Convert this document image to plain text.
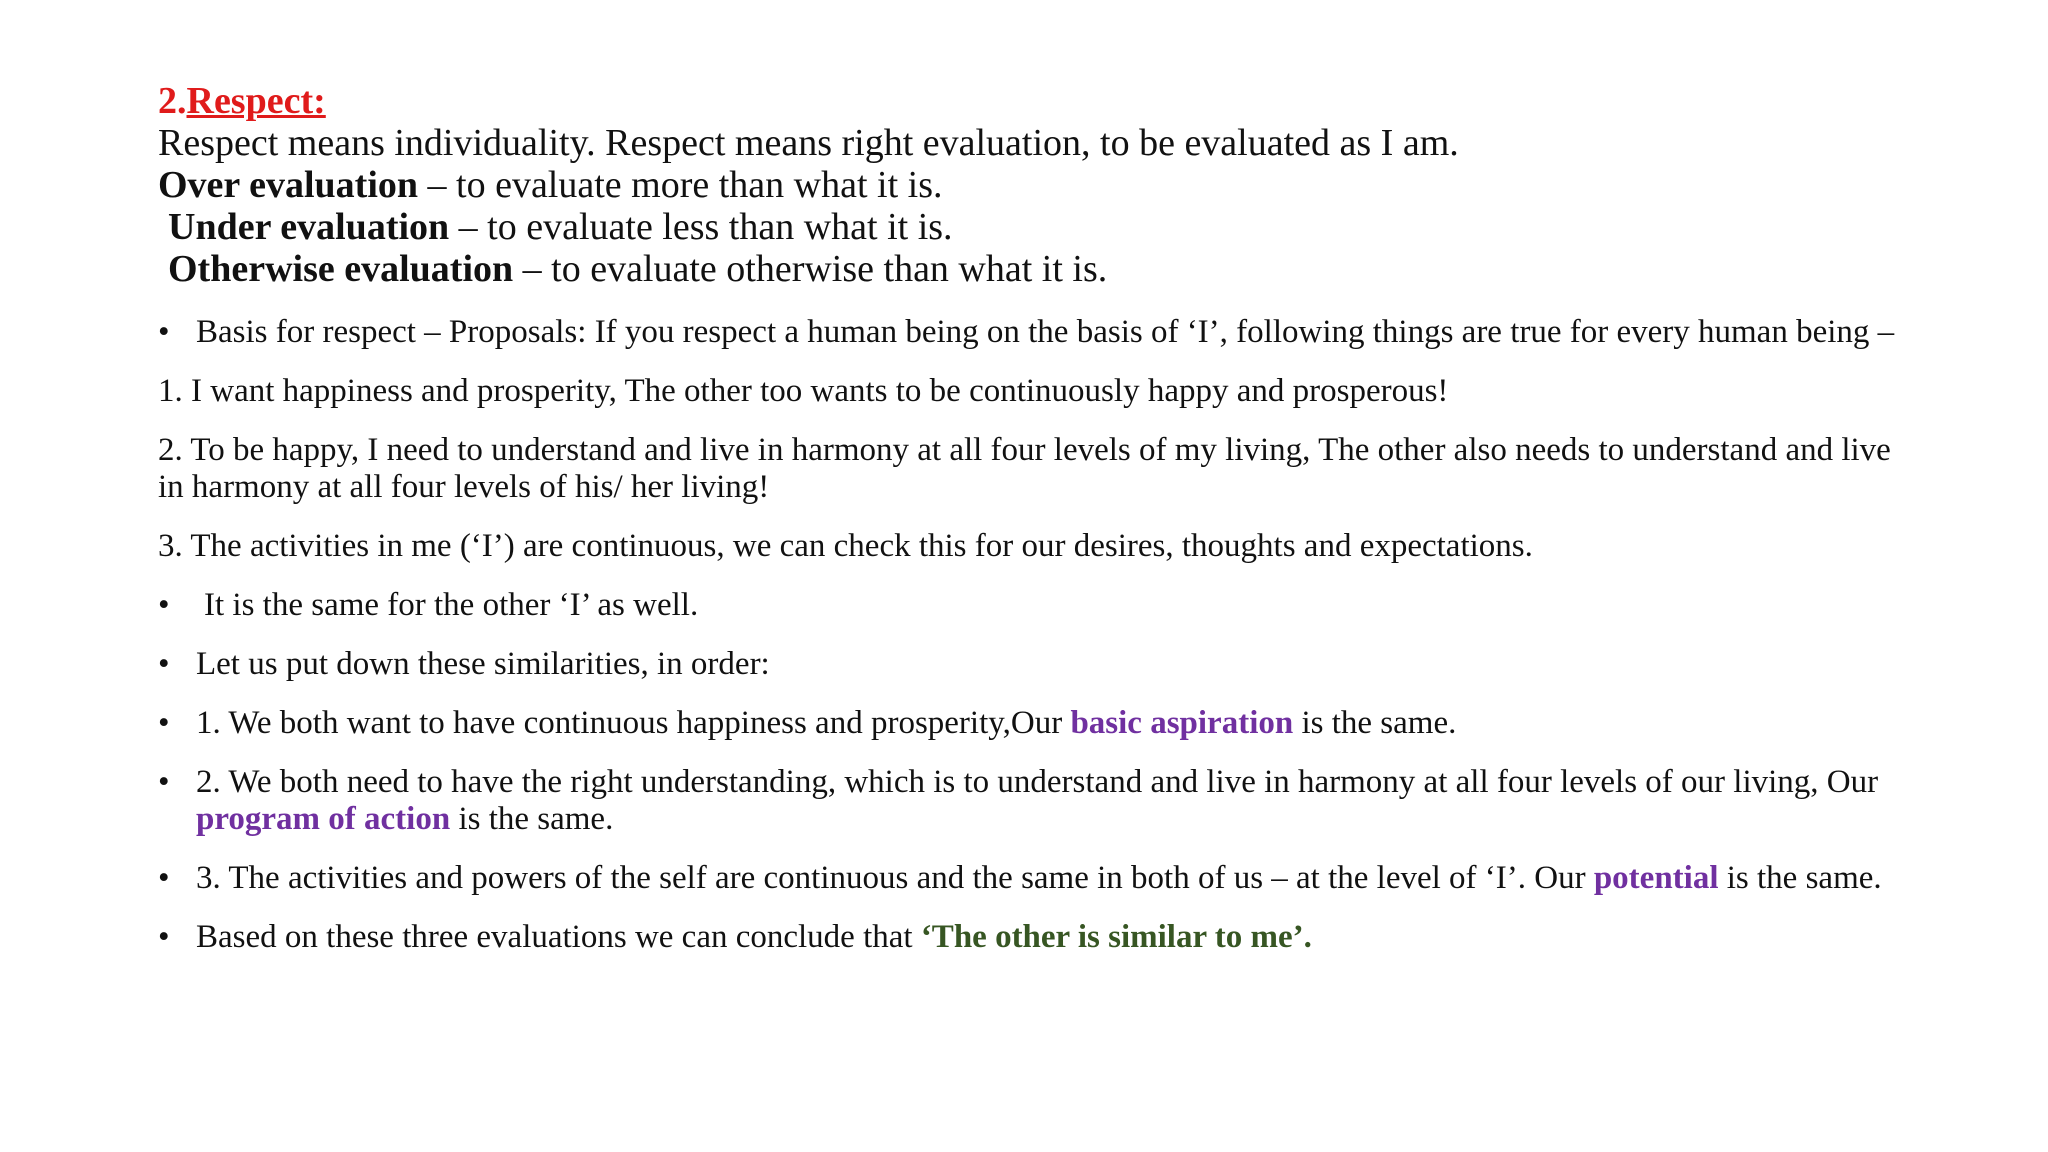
2.Respect:
Respect means individuality. Respect means right evaluation, to be evaluated as I am.
Over evaluation – to evaluate more than what it is.
Under evaluation – to evaluate less than what it is.
Otherwise evaluation – to evaluate otherwise than what it is.

• Basis for respect – Proposals: If you respect a human being on the basis of ‘I’, following things are true for every human being –

1. I want happiness and prosperity, The other too wants to be continuously happy and prosperous!

2. To be happy, I need to understand and live in harmony at all four levels of my living, The other also needs to understand and live in harmony at all four levels of his/ her living!

3. The activities in me (‘I’) are continuous, we can check this for our desires, thoughts and expectations.

• It is the same for the other ‘I’ as well.

• Let us put down these similarities, in order:

• 1. We both want to have continuous happiness and prosperity,Our basic aspiration is the same.

• 2. We both need to have the right understanding, which is to understand and live in harmony at all four levels of our living, Our program of action is the same.

• 3. The activities and powers of the self are continuous and the same in both of us – at the level of ‘I’. Our potential is the same.

• Based on these three evaluations we can conclude that ‘The other is similar to me’.
